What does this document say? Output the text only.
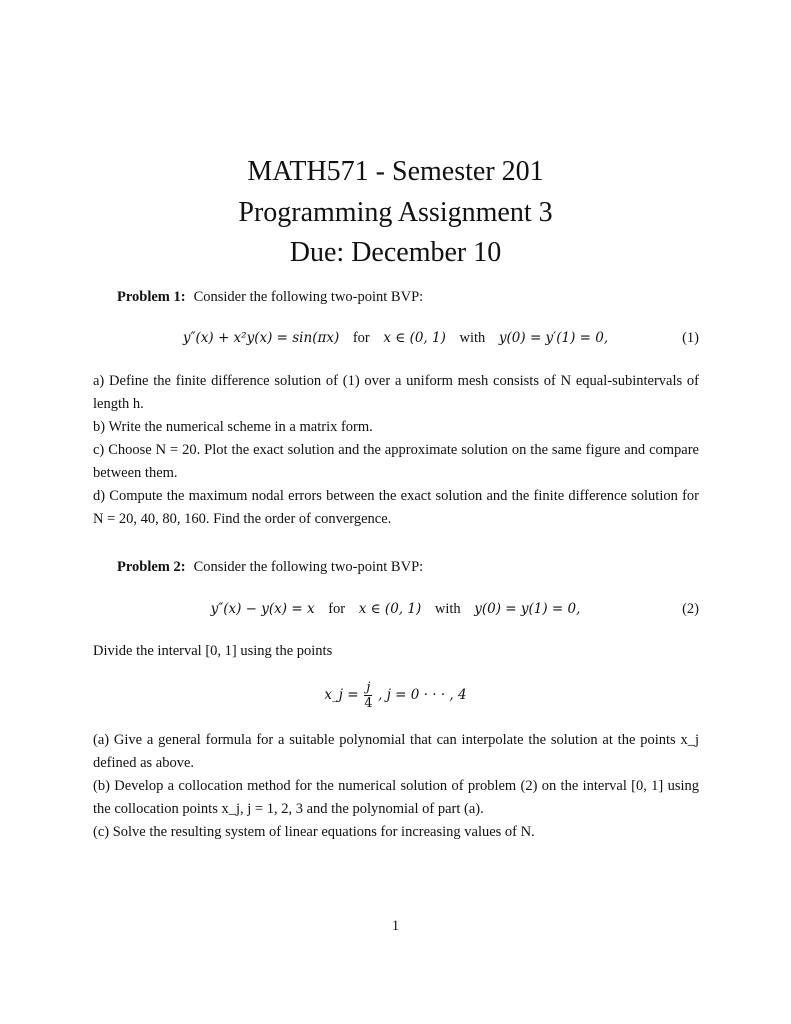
MATH571 - Semester 201
Programming Assignment 3
Due: December 10
Problem 1: Consider the following two-point BVP:
y″(x) + x²y(x) = sin(πx) for x ∈ (0, 1) with y(0) = y′(1) = 0,	(1)
a) Define the finite difference solution of (1) over a uniform mesh consists of N equal-subintervals of length h.
b) Write the numerical scheme in a matrix form.
c) Choose N = 20. Plot the exact solution and the approximate solution on the same figure and compare between them.
d) Compute the maximum nodal errors between the exact solution and the finite difference solution for N = 20, 40, 80, 160. Find the order of convergence.
Problem 2: Consider the following two-point BVP:
y″(x) − y(x) = x for x ∈ (0, 1) with y(0) = y(1) = 0,	(2)
Divide the interval [0, 1] using the points
x_j = $\frac{j}{4}$ , j = 0 · · · , 4
(a) Give a general formula for a suitable polynomial that can interpolate the solution at the points x_j defined as above.
(b) Develop a collocation method for the numerical solution of problem (2) on the interval [0, 1] using the collocation points x_j, j = 1, 2, 3 and the polynomial of part (a).
(c) Solve the resulting system of linear equations for increasing values of N.
1
